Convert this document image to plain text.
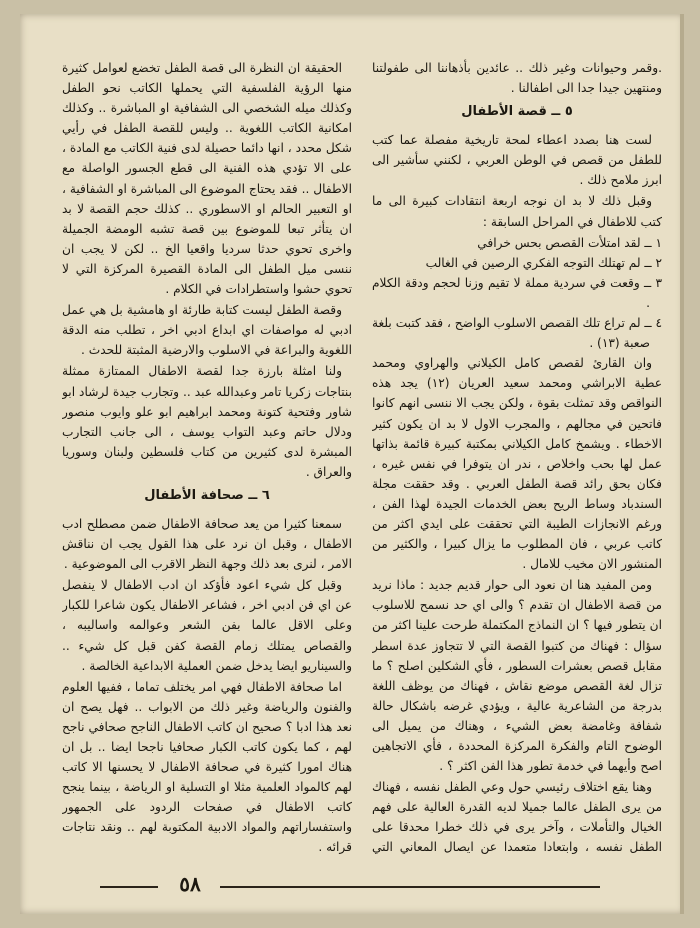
.وقمر وحيوانات وغير ذلك .. عائدين بأذهاننا الى طفولتنا ومنتهين جيدا جدا الى اطفالنا .

٥ ــ قصة الأطفال

لست هنا بصدد اعطاء لمحة تاريخية مفصلة عما كتب للطفل من قصص في الوطن العربي ، لكنني سأشير الى ابرز ملامح ذلك .

وقبل ذلك لا بد ان نوجه اربعة انتقادات كبيرة الى ما كتب للاطفال في المراحل السابقة :

١ ــ لقد امتلأت القصص بحس خرافي
٢ ــ لم تهتلك التوجه الفكري الرصين في الغالب
٣ ــ وقعت في سردية مملة لا تقيم وزنا لحجم ودقة الكلام .
٤ ــ لم تراع تلك القصص الاسلوب الواضح ، فقد كتبت بلغة صعبة (١٣) .

وان القارئ لقصص كامل الكيلاني والهراوي ومحمد عطية الابراشي ومحمد سعيد العريان (١٢) يجد هذه النواقص وقد تمثلت بقوة ، ولكن يجب الا ننسى انهم كانوا فاتحين في مجالهم ، والمجرب الاول لا بد ان يكون كثير الاخطاء . ويشمخ كامل الكيلاني بمكتبة كبيرة قائمة بذاتها عمل لها بحب واخلاص ، ندر ان يتوفرا في نفس غيره ، فكان بحق رائد قصة الطفل العربي . وقد حققت مجلة السندباد وساط الريح بعض الخدمات الجيدة لهذا الفن ، ورغم الانجازات الطيبة التي تحققت على ايدي اكثر من كاتب عربي ، فان المطلوب ما يزال كبيرا ، والكثير من المنشور الان مخيب للامال .

ومن المفيد هنا ان نعود الى حوار قديم جديد : ماذا نريد من قصة الاطفال ان تقدم ؟ والى اي حد نسمح للاسلوب ان يتطور فيها ؟ ان النماذج المكتملة طرحت علينا اكثر من سؤال : فهناك من كتبوا القصة التي لا تتجاوز عدة اسطر مقابل قصص بعشرات السطور ، فأي الشكلين اصلح ؟ ما تزال لغة القصص موضع نقاش ، فهناك من يوظف اللغة بدرجة من الشاعرية عالية ، ويؤدي غرضه باشكال حالة شفافة وغامضة بعض الشيء ، وهناك من يميل الى الوضوح التام والفكرة المركزة المحددة ، فأي الاتجاهين اصح وأيهما في خدمة تطور هذا الفن اكثر ؟ .

وهنا يقع اختلاف رئيسي حول وعي الطفل نفسه ، فهناك من يرى الطفل عالما جميلا لديه القدرة العالية على فهم الخيال والتأملات ، وآخر يرى في ذلك خطرا محدقا على الطفل نفسه ، وابتعادا متعمدا عن ايصال المعاني التي

الحقيقة ان النظرة الى قصة الطفل تخضع لعوامل كثيرة منها الرؤية الفلسفية التي يحملها الكاتب نحو الطفل وكذلك ميله الشخصي الى الشفافية او المباشرة .. وكذلك امكانية الكاتب اللغوية .. وليس للقصة الطفل في رأيي شكل محدد ، انها دائما حصيلة لدى فنية الكاتب مع المادة ، على الا تؤدي هذه الفنية الى قطع الجسور الواصلة مع الاطفال .. فقد يحتاج الموضوع الى المباشرة او الشفافية ، او التعبير الحالم او الاسطوري .. كذلك حجم القصة لا بد ان يتأثر تبعا للموضوع بين قصة تشبه الومضة الجميلة واخرى تحوي حدثا سرديا واقعيا الخ .. لكن لا يجب ان ننسى ميل الطفل الى المادة القصيرة المركزة التي لا تحوي حشوا واستطرادات في الكلام .

وقصة الطفل ليست كتابة طارئة او هامشية بل هي عمل ادبي له مواصفات اي ابداع ادبي اخر ، تطلب منه الدقة اللغوية والبراعة في الاسلوب والارضية المثبتة للحدث .

ولنا امثلة بارزة جدا لقصة الاطفال الممتازة ممثلة بنتاجات زكريا تامر وعبدالله عبد .. وتجارب جيدة لرشاد ابو شاور وفتحية كتونة ومحمد ابراهيم ابو علو وايوب منصور ودلال حاتم وعبد التواب يوسف ، الى جانب التجارب المبشرة لدى كثيرين من كتاب فلسطين ولبنان وسوريا والعراق .

٦ ــ صحافة الأطفال

سمعنا كثيرا من يعد صحافة الاطفال ضمن مصطلح ادب الاطفال ، وقبل ان نرد على هذا القول يجب ان نناقش الامر ، لنرى بعد ذلك وجهة النظر الاقرب الى الموضوعية .

وقبل كل شيء اعود فأؤكد ان ادب الاطفال لا ينفصل عن اي فن ادبي اخر ، فشاعر الاطفال يكون شاعرا للكبار وعلى الاقل عالما بفن الشعر وعوالمه واساليبه ، والقصاص يمتلك زمام القصة كفن قبل كل شيء .. والسيناريو ايضا يدخل ضمن العملية الابداعية الخالصة .

اما صحافة الاطفال فهي امر يختلف تماما ، ففيها العلوم والفنون والرياضة وغير ذلك من الابواب .. فهل يصح ان نعد هذا ادبا ؟ صحيح ان كاتب الاطفال الناجح صحافي ناجح لهم ، كما يكون كاتب الكبار صحافيا ناجحا ايضا .. بل ان هناك امورا كثيرة في صحافة الاطفال لا يحسنها الا كاتب لهم كالمواد العلمية مثلا او التسلية او الرياضة ، بينما ينجح كاتب الاطفال في صفحات الردود على الجمهور واستفساراتهم والمواد الادبية المكتوبة لهم .. ونقد نتاجات قرائه .

٥٨
